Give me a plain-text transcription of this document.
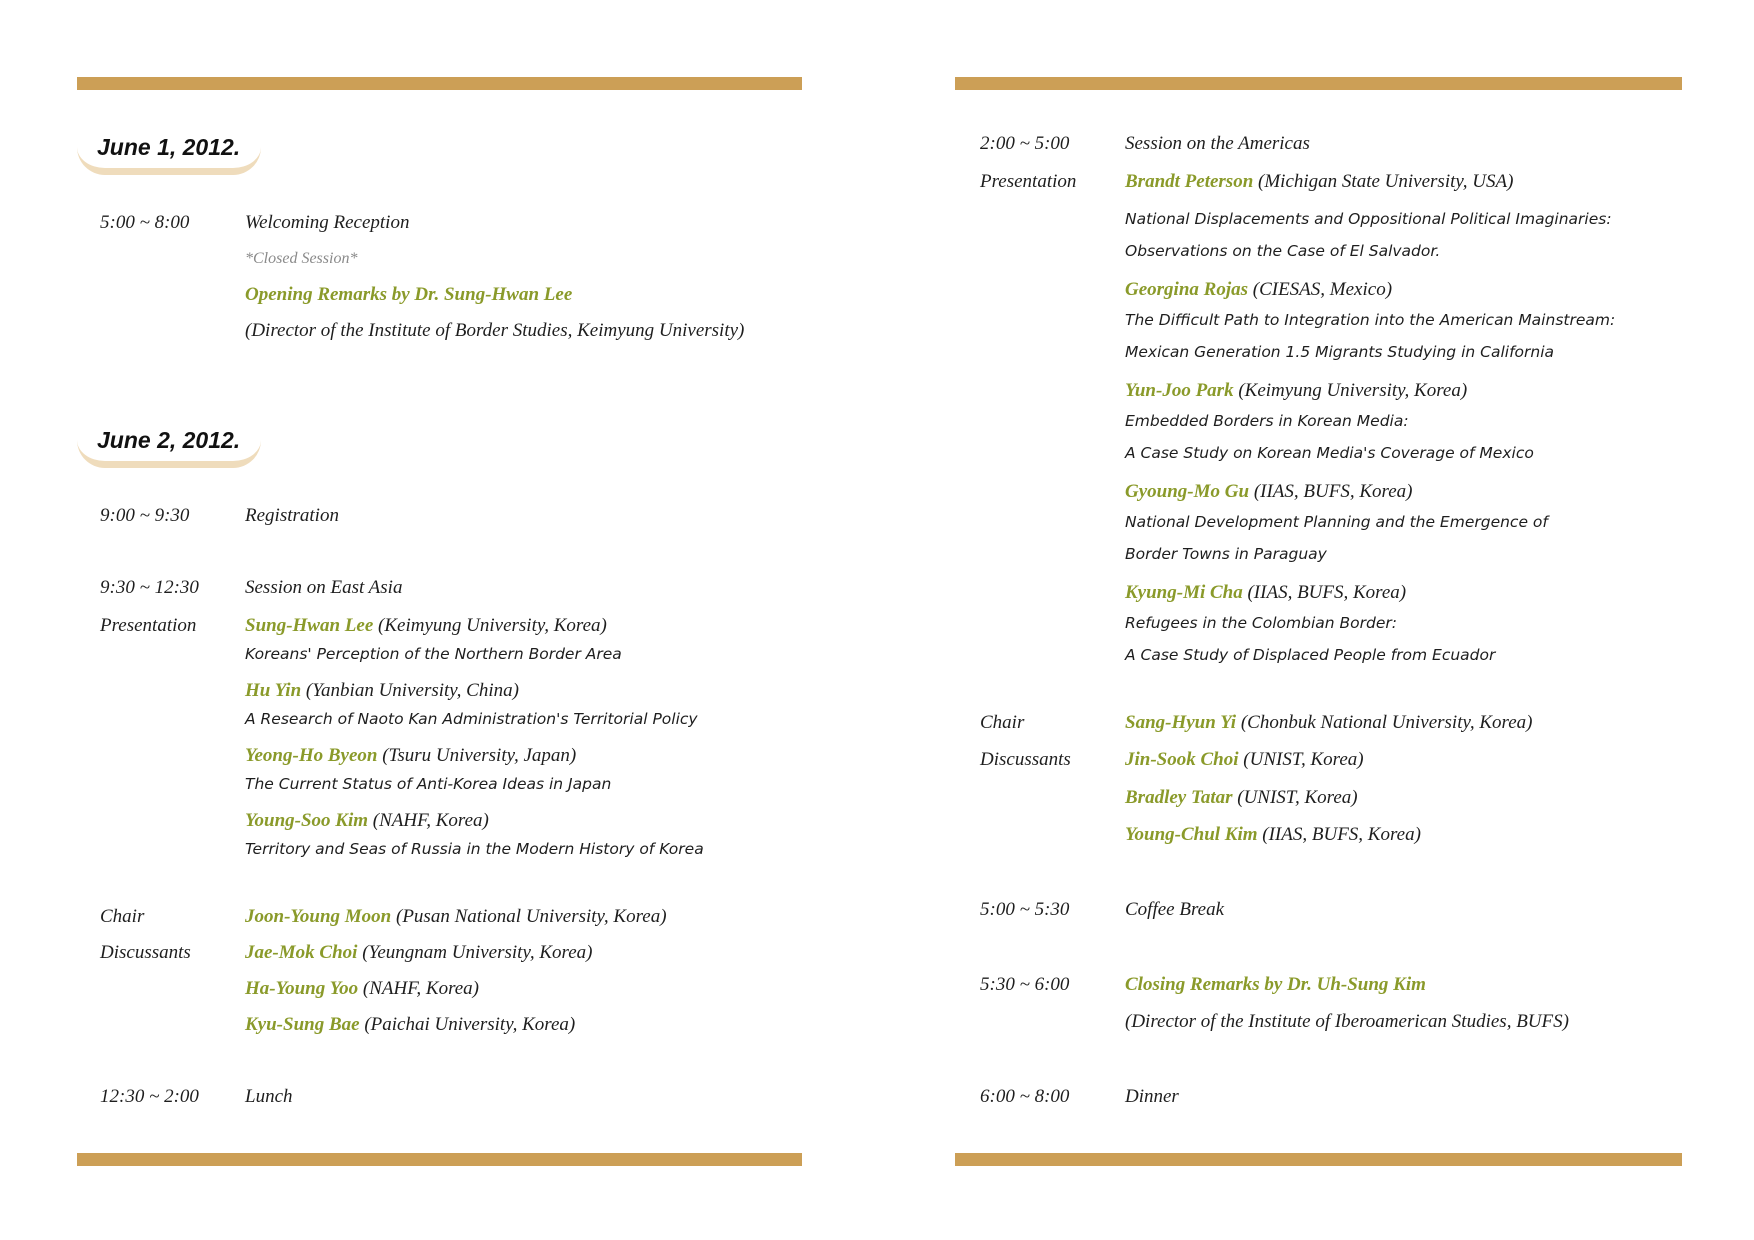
June 1, 2012.
5:00 ~ 8:00	Welcoming Reception
*Closed Session*
Opening Remarks by Dr. Sung-Hwan Lee
(Director of the Institute of Border Studies, Keimyung University)
June 2, 2012.
9:00 ~ 9:30	Registration
9:30 ~ 12:30 Session on East Asia
Presentation	Sung-Hwan Lee (Keimyung University, Korea)
Koreans' Perception of the Northern Border Area
Hu Yin (Yanbian University, China)
A Research of Naoto Kan Administration's Territorial Policy
Yeong-Ho Byeon (Tsuru University, Japan)
The Current Status of Anti-Korea Ideas in Japan
Young-Soo Kim (NAHF, Korea)
Territory and Seas of Russia in the Modern History of Korea
Chair	Joon-Young Moon (Pusan National University, Korea)
Discussants	Jae-Mok Choi (Yeungnam University, Korea)
Ha-Young Yoo (NAHF, Korea)
Kyu-Sung Bae (Paichai University, Korea)
12:30 ~ 2:00 Lunch
2:00 ~ 5:00	Session on the Americas
Presentation	Brandt Peterson (Michigan State University, USA)
National Displacements and Oppositional Political Imaginaries:
Observations on the Case of El Salvador.
Georgina Rojas (CIESAS, Mexico)
The Difficult Path to Integration into the American Mainstream:
Mexican Generation 1.5 Migrants Studying in California
Yun-Joo Park (Keimyung University, Korea)
Embedded Borders in Korean Media:
A Case Study on Korean Media's Coverage of Mexico
Gyoung-Mo Gu (IIAS, BUFS, Korea)
National Development Planning and the Emergence of
Border Towns in Paraguay
Kyung-Mi Cha (IIAS, BUFS, Korea)
Refugees in the Colombian Border:
A Case Study of Displaced People from Ecuador
Chair	Sang-Hyun Yi (Chonbuk National University, Korea)
Discussants	Jin-Sook Choi (UNIST, Korea)
Bradley Tatar (UNIST, Korea)
Young-Chul Kim (IIAS, BUFS, Korea)
5:00 ~ 5:30	Coffee Break
5:30 ~ 6:00	Closing Remarks by Dr. Uh-Sung Kim
(Director of the Institute of Iberoamerican Studies, BUFS)
6:00 ~ 8:00	Dinner
